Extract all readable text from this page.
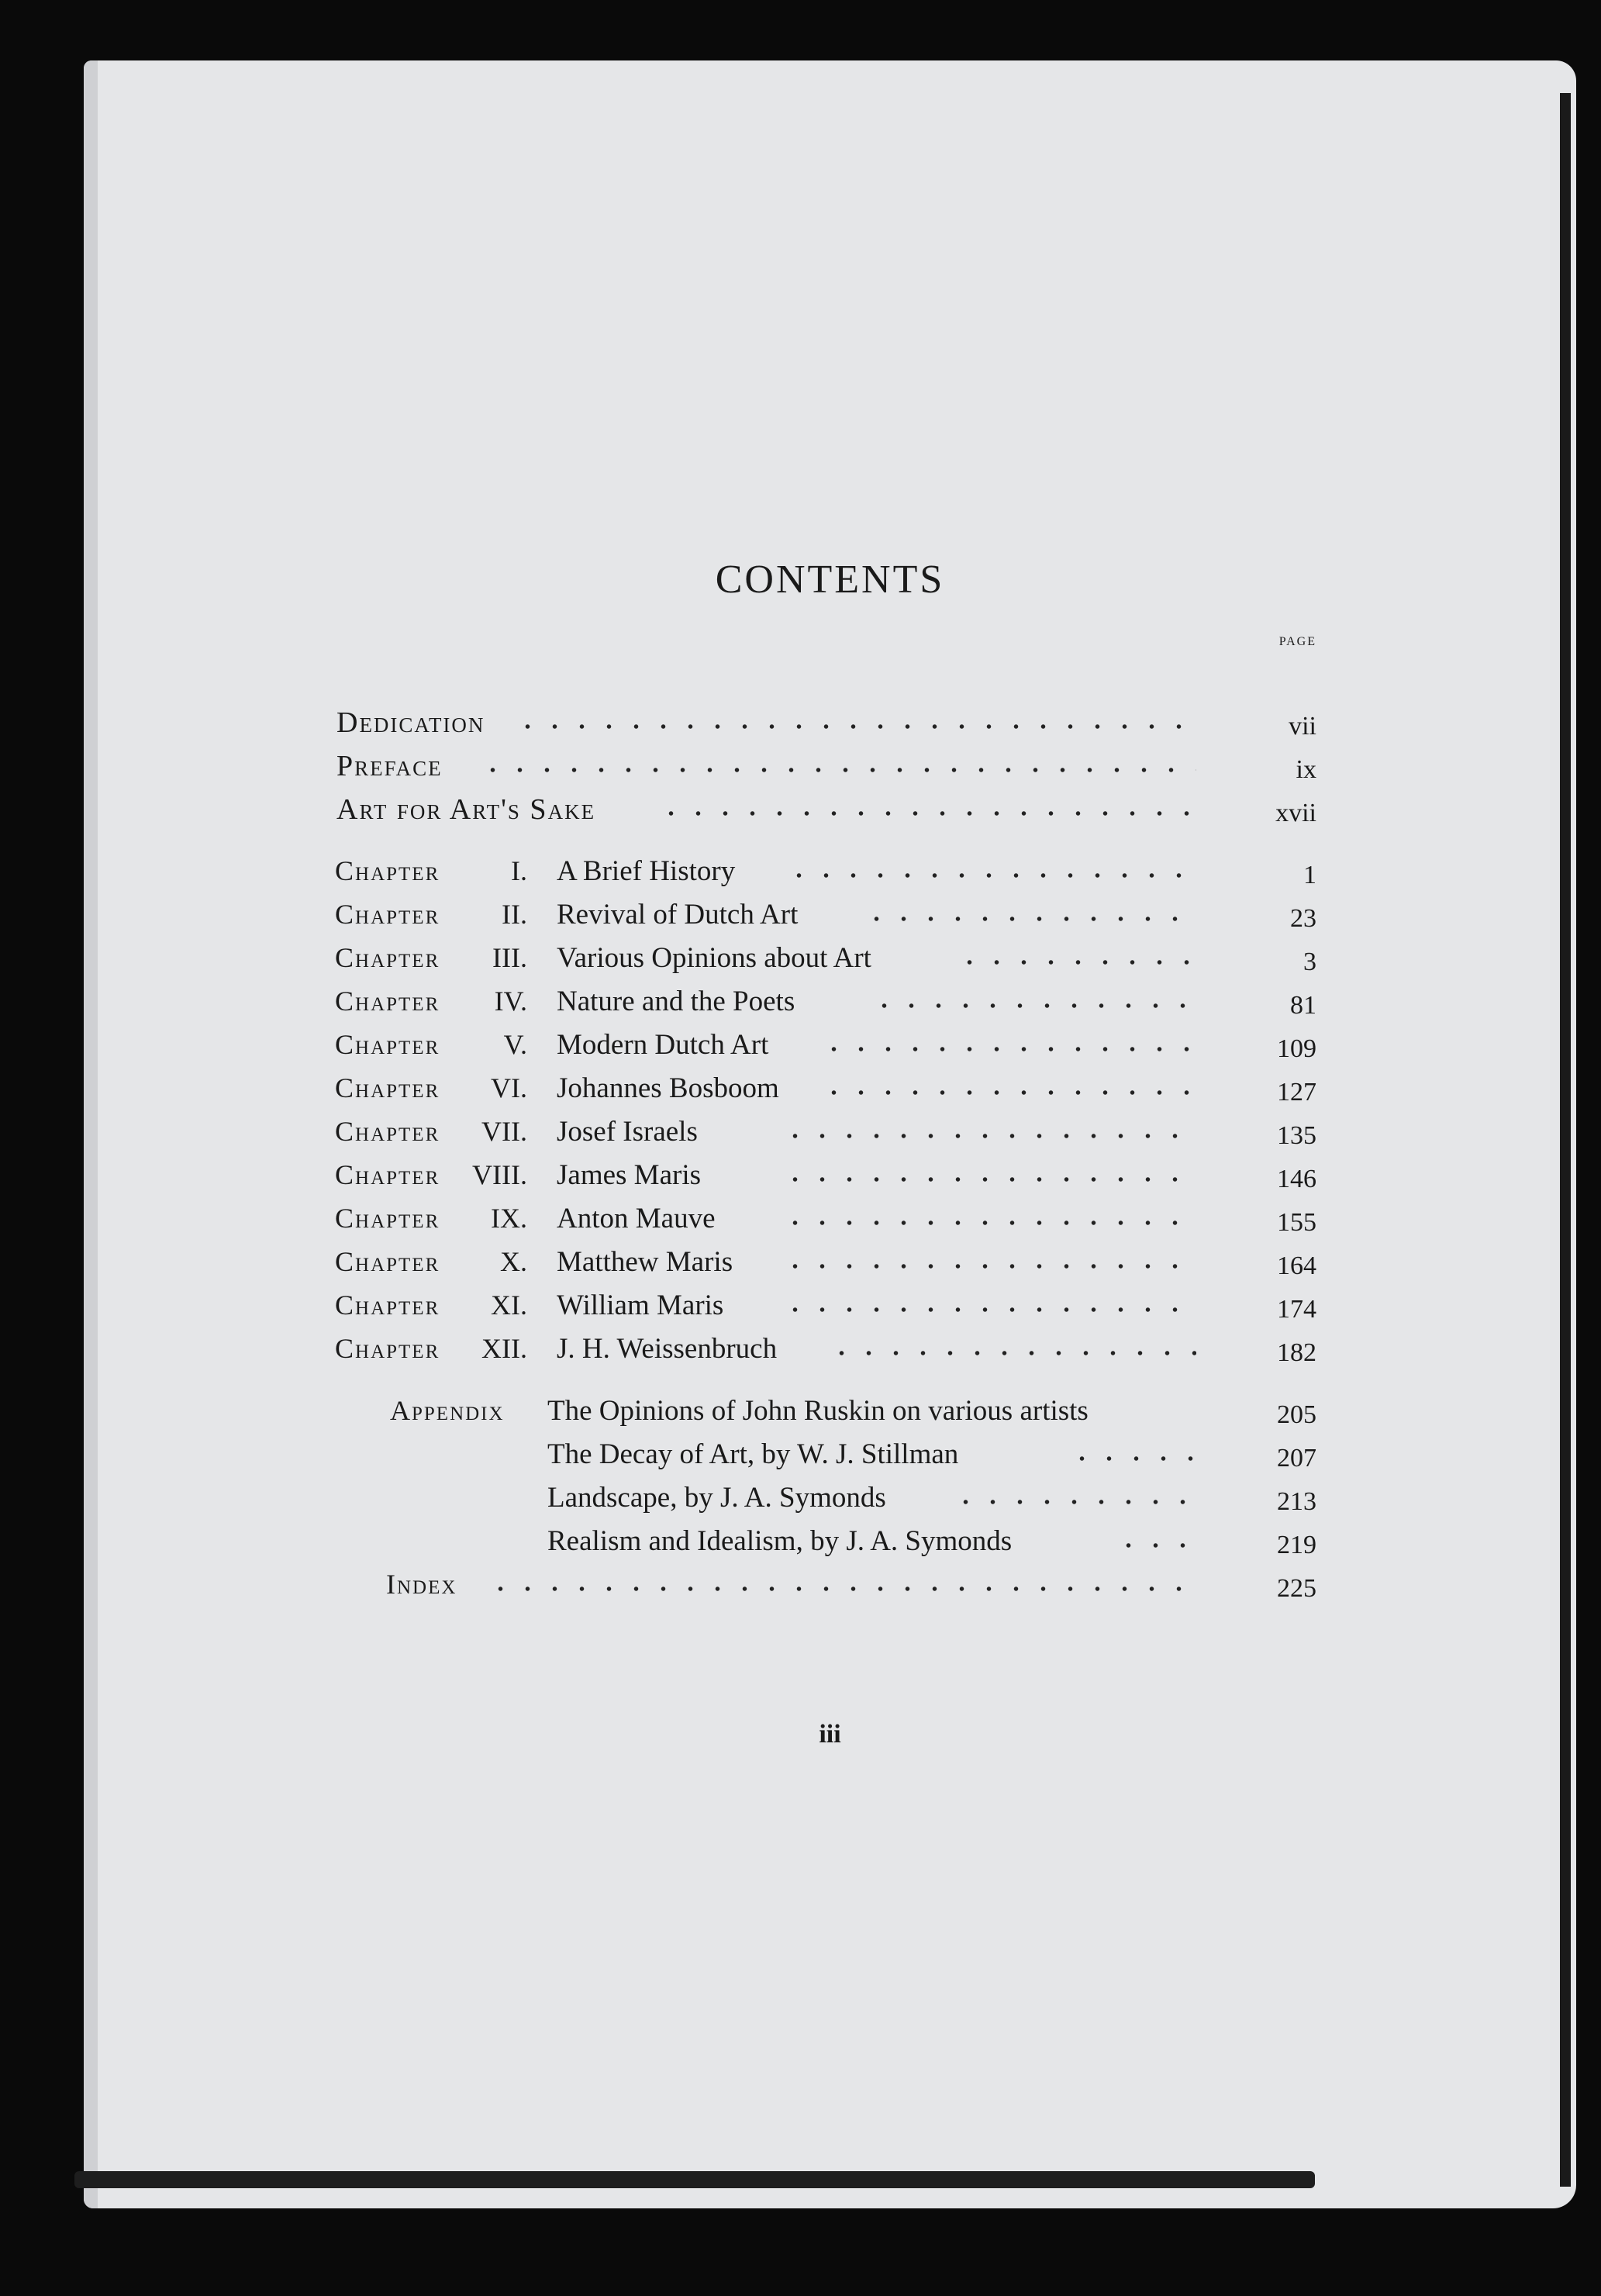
CONTENTS
PAGE
Dedication	vii
Preface	ix
Art for Art's Sake	xvii
Chapter	I. A Brief History	1
Chapter	II. Revival of Dutch Art	23
Chapter	III. Various Opinions about Art	3
Chapter	IV. Nature and the Poets	81
Chapter	V. Modern Dutch Art	109
Chapter	VI. Johannes Bosboom	127
Chapter	VII. Josef Israels	135
Chapter	VIII. James Maris	146
Chapter	IX. Anton Mauve	155
Chapter	X. Matthew Maris	164
Chapter	XI. William Maris	174
Chapter	XII. J. H. Weissenbruch	182
Appendix The Opinions of John Ruskin on various artists	205
The Decay of Art, by W. J. Stillman	207
Landscape, by J. A. Symonds	213
Realism and Idealism, by J. A. Symonds	219
Index	225
iii
